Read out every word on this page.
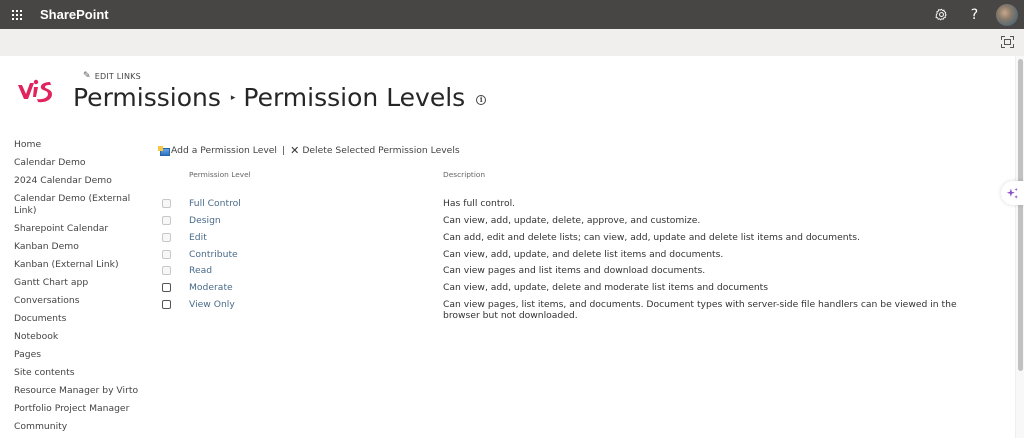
SharePoint	?
✎ EDIT LINKS
Permissions ▸ Permission Levels	i
Home
Calendar Demo
2024 Calendar Demo
Calendar Demo (External Link)
Sharepoint Calendar
Kanban Demo
Kanban (External Link)
Gantt Chart app
Conversations
Documents
Notebook
Pages
Site contents
Resource Manager by Virto
Portfolio Project Manager
Community
Add a Permission Level | ✕ Delete Selected Permission Levels
Permission Level	Description
Full Control	Has full control.
Design	Can view, add, update, delete, approve, and customize.
Edit	Can add, edit and delete lists; can view, add, update and delete list items and documents.
Contribute	Can view, add, update, and delete list items and documents.
Read	Can view pages and list items and download documents.
Moderate	Can view, add, update, delete and moderate list items and documents
View Only	Can view pages, list items, and documents. Document types with server-side file handlers can be viewed in the browser but not downloaded.
